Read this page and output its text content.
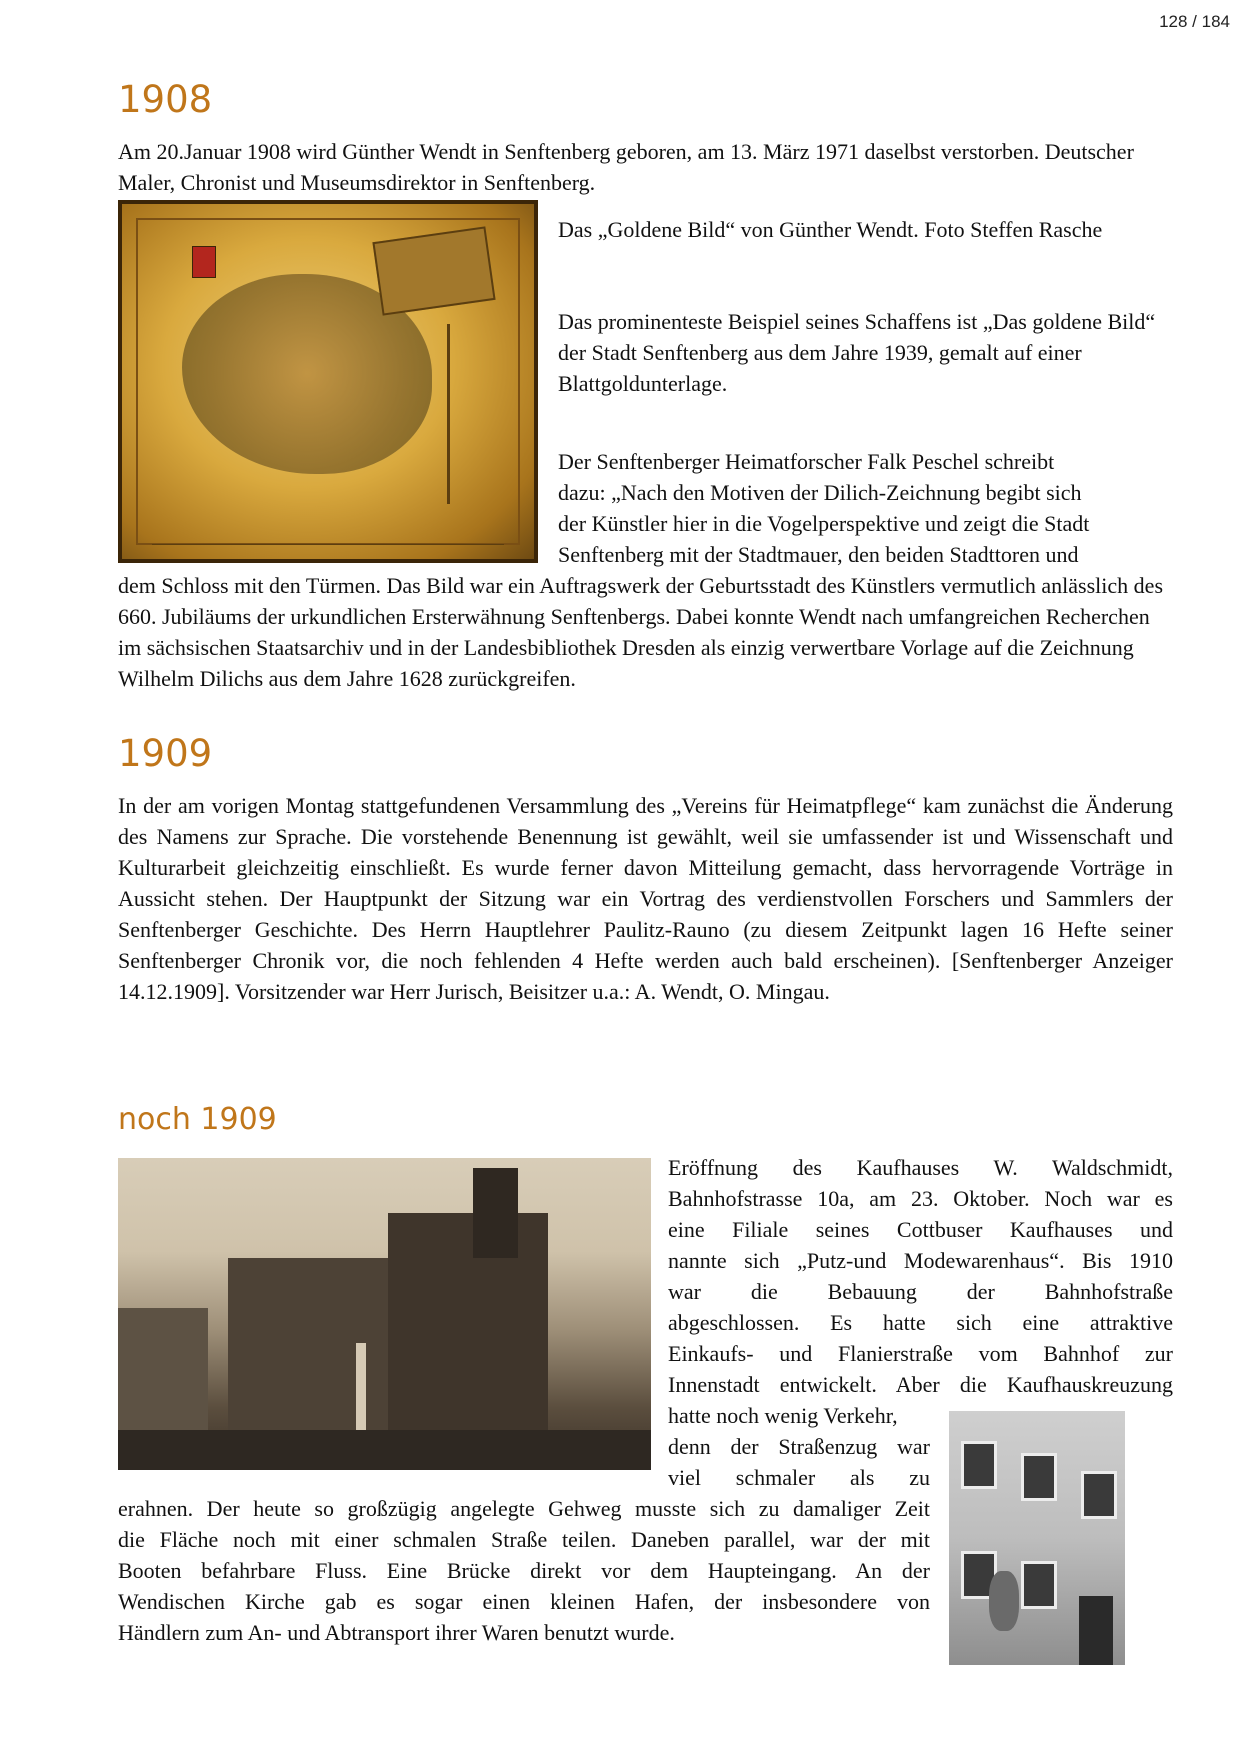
128 / 184
1908

Am 20.Januar 1908 wird Günther Wendt in Senftenberg geboren, am 13. März 1971 daselbst verstorben. Deutscher Maler, Chronist und Museumsdirektor in Senftenberg.

Das „Goldene Bild“ von Günther Wendt. Foto Steffen Rasche

Das prominenteste Beispiel seines Schaffens ist „Das goldene Bild“ der Stadt Senftenberg aus dem Jahre 1939, gemalt auf einer Blattgoldunterlage.

Der Senftenberger Heimatforscher Falk Peschel schreibt

dazu: „Nach den Motiven der Dilich-Zeichnung begibt sich

der Künstler hier in die Vogelperspektive und zeigt die Stadt

Senftenberg mit der Stadtmauer, den beiden Stadttoren und

dem Schloss mit den Türmen. Das Bild war ein Auftragswerk der Geburtsstadt des Künstlers vermutlich anlässlich des 660. Jubiläums der urkundlichen Ersterwähnung Senftenbergs. Dabei konnte Wendt nach umfangreichen Recherchen im sächsischen Staatsarchiv und in der Landesbibliothek Dresden als einzig verwertbare Vorlage auf die Zeichnung Wilhelm Dilichs aus dem Jahre 1628 zurückgreifen.

1909

In der am vorigen Montag stattgefundenen Versammlung des „Vereins für Heimatpflege“ kam zunächst die Änderung des Namens zur Sprache. Die vorstehende Benennung ist gewählt, weil sie umfassender ist und Wissenschaft und Kulturarbeit gleichzeitig einschließt. Es wurde ferner davon Mitteilung gemacht, dass hervorragende Vorträge in Aussicht stehen. Der Hauptpunkt der Sitzung war ein Vortrag des verdienstvollen Forschers und Sammlers der Senftenberger Geschichte. Des Herrn Hauptlehrer Paulitz-Rauno (zu diesem Zeitpunkt lagen 16 Hefte seiner Senftenberger Chronik vor, die noch fehlenden 4 Hefte werden auch bald erscheinen). [Senftenberger Anzeiger 14.12.1909]. Vorsitzender war Herr Jurisch, Beisitzer u.a.: A. Wendt, O. Mingau.

noch 1909

Eröffnung des Kaufhauses W. Waldschmidt,

Bahnhofstrasse 10a, am 23. Oktober. Noch war es

eine Filiale seines Cottbuser Kaufhauses und

nannte sich „Putz-und Modewarenhaus“. Bis 1910

war die Bebauung der Bahnhofstraße

abgeschlossen. Es hatte sich eine attraktive

Einkaufs- und Flanierstraße vom Bahnhof zur

Innenstadt entwickelt. Aber die Kaufhauskreuzung

hatte noch wenig Verkehr,

denn der Straßenzug war

viel schmaler als zu

erahnen. Der heute so großzügig angelegte Gehweg musste sich zu damaliger Zeit

die Fläche noch mit einer schmalen Straße teilen. Daneben parallel, war der mit

Booten befahrbare Fluss. Eine Brücke direkt vor dem Haupteingang. An der

Wendischen Kirche gab es sogar einen kleinen Hafen, der insbesondere von

Händlern zum An- und Abtransport ihrer Waren benutzt wurde.
